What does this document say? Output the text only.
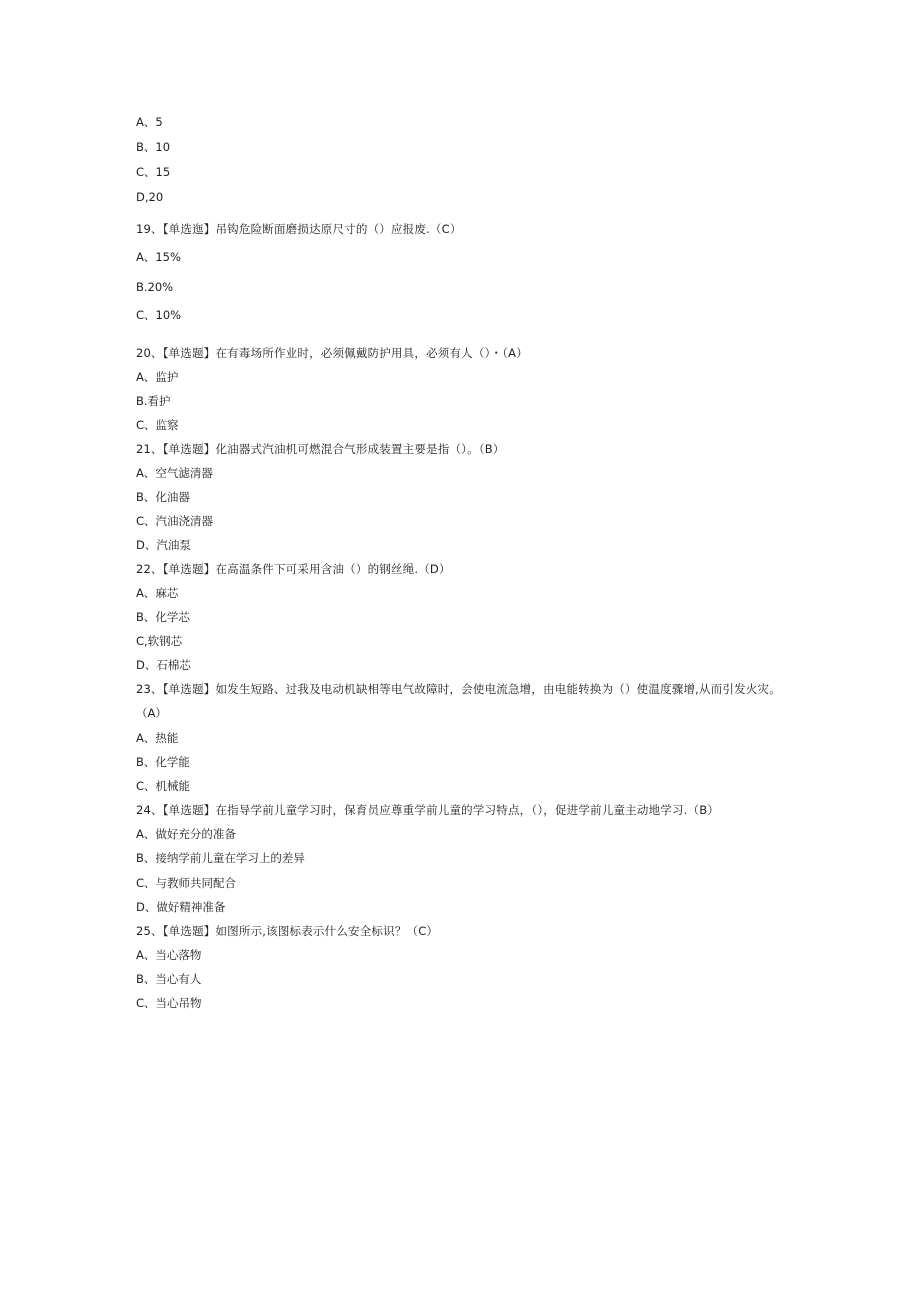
A、5
B、10
C、15
D,20
19、【单选迤】吊钩危险断面磨损达原尺寸的（）应报废.（C）
A、15%
B.20%
C、10%
20、【单选题】在有毒场所作业时，必须佩戴防护用具，必须有人（）・（A）
A、监护
B.看护
C、监察
21、【单选题】化油器式汽油机可燃混合气形成装置主要是指（）。（B）
A、空气滤清器
B、化油器
C、汽油浇清器
D、汽油泵
22、【单选题】在高温条件下可采用含油（）的钢丝绳.（D）
A、麻芯
B、化学芯
C,软钢芯
D、石棉芯
23、【单选题】如发生短路、过我及电动机缺相等电气故障时，会使电流急增，由电能转换为（）使温度骤增,从而引发火灾。
（A）
A、热能
B、化学能
C、机械能
24、【单选题】在指导学前儿童学习时，保育员应尊重学前儿童的学习特点，（），促进学前儿童主动地学习.（B）
A、做好充分的准备
B、接纳学前儿童在学习上的差异
C、与教师共同配合
D、做好精神准备
25、【单选题】如图所示,该图标表示什么安全标识？（C）
A、当心落物
B、当心有人
C、当心吊物
